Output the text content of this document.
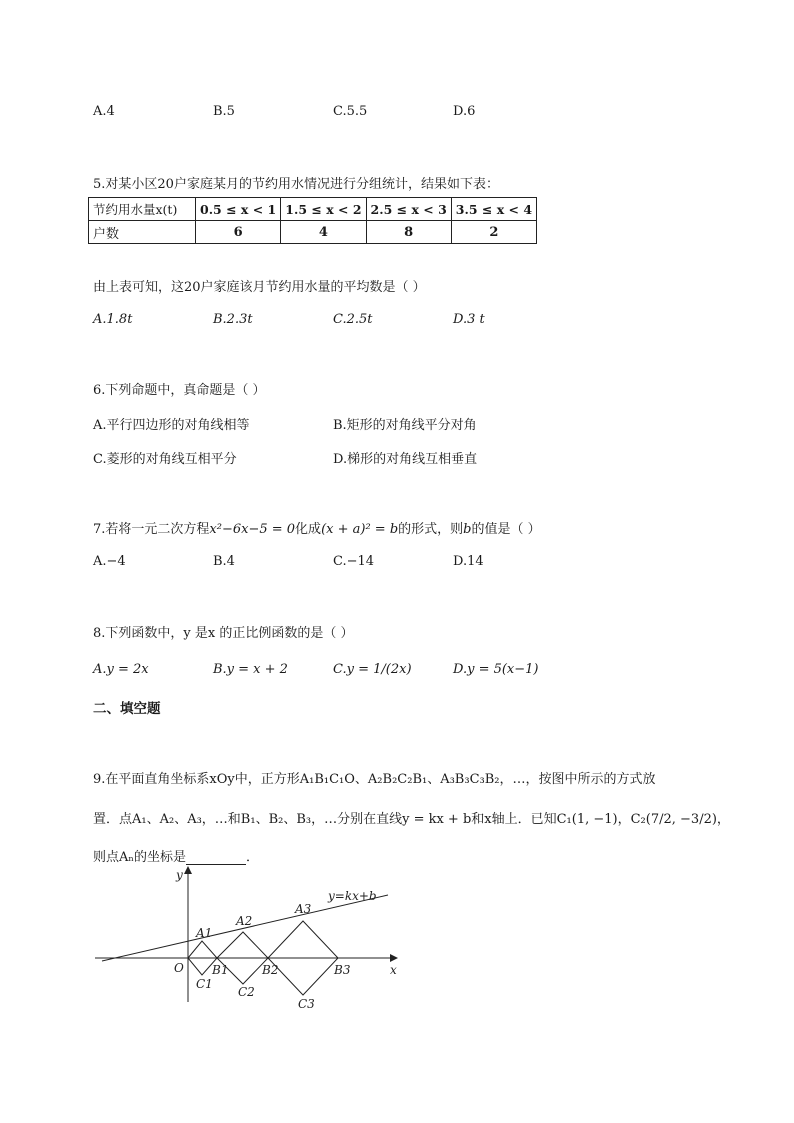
A.4	B.5	C.5.5	D.6
5.对某小区20户家庭某月的节约用水情况进行分组统计，结果如下表：
节约用水量x(t)	0.5 ≤ x < 1	1.5 ≤ x < 2	2.5 ≤ x < 3	3.5 ≤ x < 4
户数	6	4	8	2
由上表可知，这20户家庭该月节约用水量的平均数是（ ）
A.1.8t	B.2.3t	C.2.5t	D.3 t
6.下列命题中，真命题是（ ）
A.平行四边形的对角线相等	B.矩形的对角线平分对角
C.菱形的对角线互相平分	D.梯形的对角线互相垂直
7.若将一元二次方程x²−6x−5 = 0化成(x + a)² = b的形式，则b的值是（ ）
A.−4	B.4	C.−14	D.14
8.下列函数中，y 是x 的正比例函数的是（ ）
A.y = 2x	B.y = x + 2	C.y = 1/(2x)	D.y = 5(x−1)
二、填空题
9.在平面直角坐标系xOy中，正方形A₁B₁C₁O、A₂B₂C₂B₁、A₃B₃C₃B₂，…，按图中所示的方式放
置．点A₁、A₂、A₃，…和B₁、B₂、B₃，…分别在直线y = kx + b和x轴上．已知C₁(1, −1)，C₂(7/2, −3/2)，
则点Aₙ的坐标是	．
y=kx+b
x
y
O
A1
A2
A3
B1	B2	B3
C1
C2
C3
